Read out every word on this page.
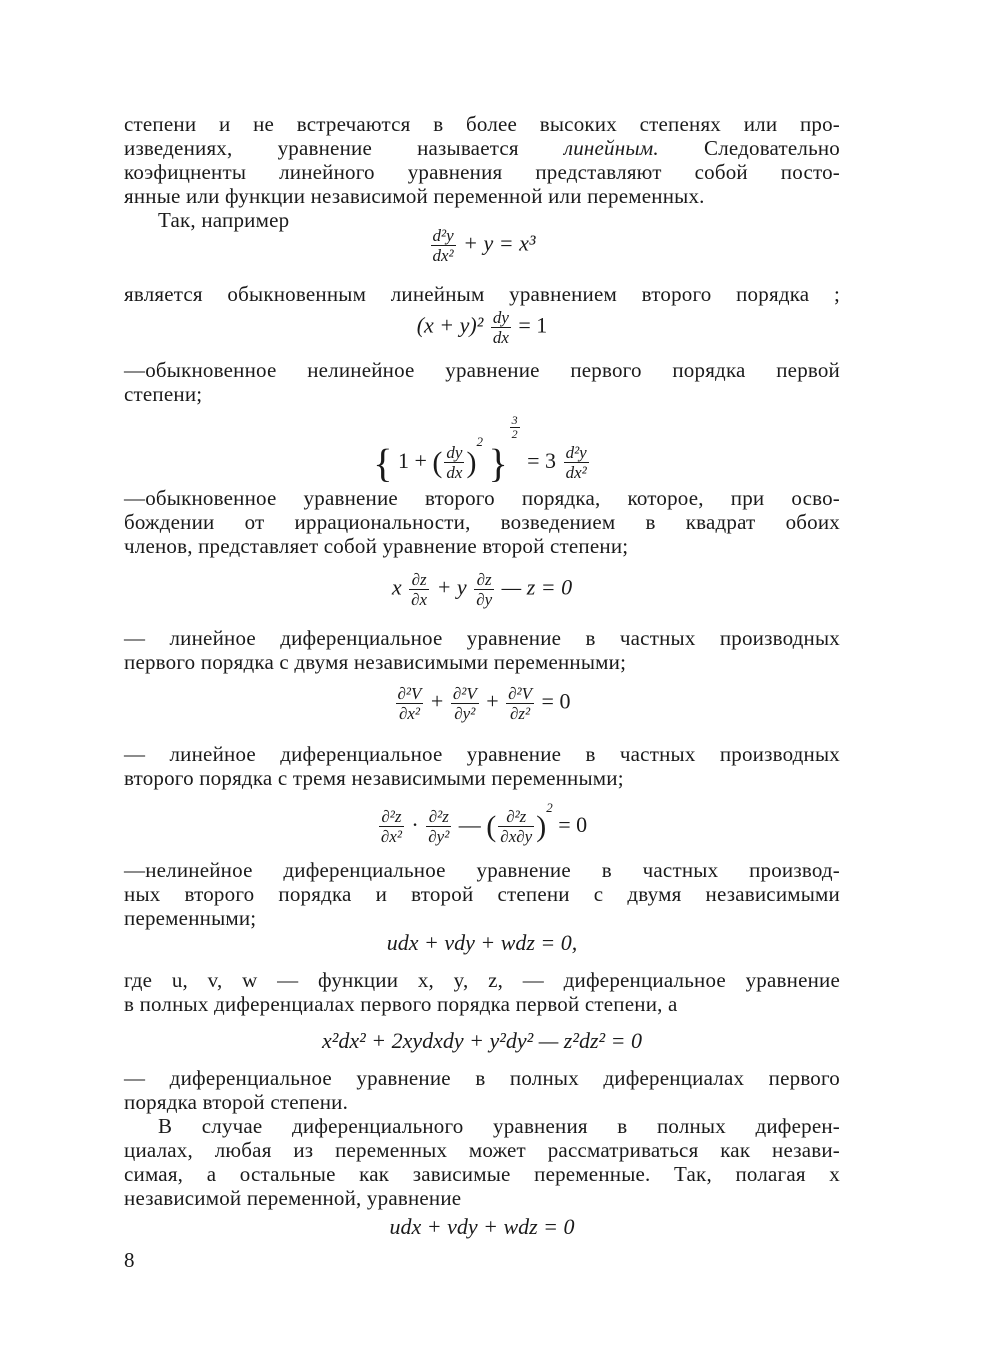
степени и не встречаются в более высоких степенях или про-
изведениях, уравнение называется линейным. Следовательно
коэфицненты линейного уравнения представляют собой посто-
янные или функции независимой переменной или переменных.
Так, например
$\frac{\text{d²y}}{\text{dx²}} + y = x^3$
является обыкновенным линейным уравнением второго порядка ;
$(x + y)^2 \frac{dy}{dx} = 1$
—обыкновенное нелинейное уравнение первого порядка первой
степени;
{ 1 + ( $\frac{dy}{dx} )^2$ }
$\frac{3}{2}$
= $3 \frac{\text{d²y}}{\text{dx²}}$
—обыкновенное уравнение второго порядка, которое, при осво-
бождении от иррациональности, возведением в квадрат обоих
членов, представляет собой уравнение второй степени;
x $\frac{\partial z}{\partial x} + y \frac{\partial z}{\partial y}$ — z = 0
— линейное диференциальное уравнение в частных производных
первого порядка с двумя независимыми переменными;
$\frac{\text{∂²V}}{\text{∂x²}} + \frac{\text{∂²V}}{\text{∂y²}} + \frac{\text{∂²V}}{\text{∂z²}} = 0$
— линейное диференциальное уравнение в частных производных
второго порядка с тремя независимыми переменными;
$\frac{\text{∂²z}}{\text{∂x²}} \cdot \frac{\text{∂²z}}{\text{∂y²}}$ — ( $\frac{\text{∂²z}}{\partial x\partial y} )^2 = 0$
—нелинейное диференциальное уравнение в частных производ-
ных второго порядка и второй степени с двумя независимыми
переменными;
udx + vdy + wdz = 0,
где u, v, w — функции x, y, z, — диференциальное уравнение
в полных диференциалах первого порядка первой степени, а
x²dx² + 2xydxdy + y²dy² — z²dz² = 0
— диференциальное уравнение в полных диференциалах первого
порядка второй степени.
В случае диференциального уравнения в полных диферен-
циалах, любая из переменных может рассматриваться как незави-
симая, а остальные как зависимые переменные. Так, полагая x
независимой переменной, уравнение
udx + vdy + wdz = 0
8
